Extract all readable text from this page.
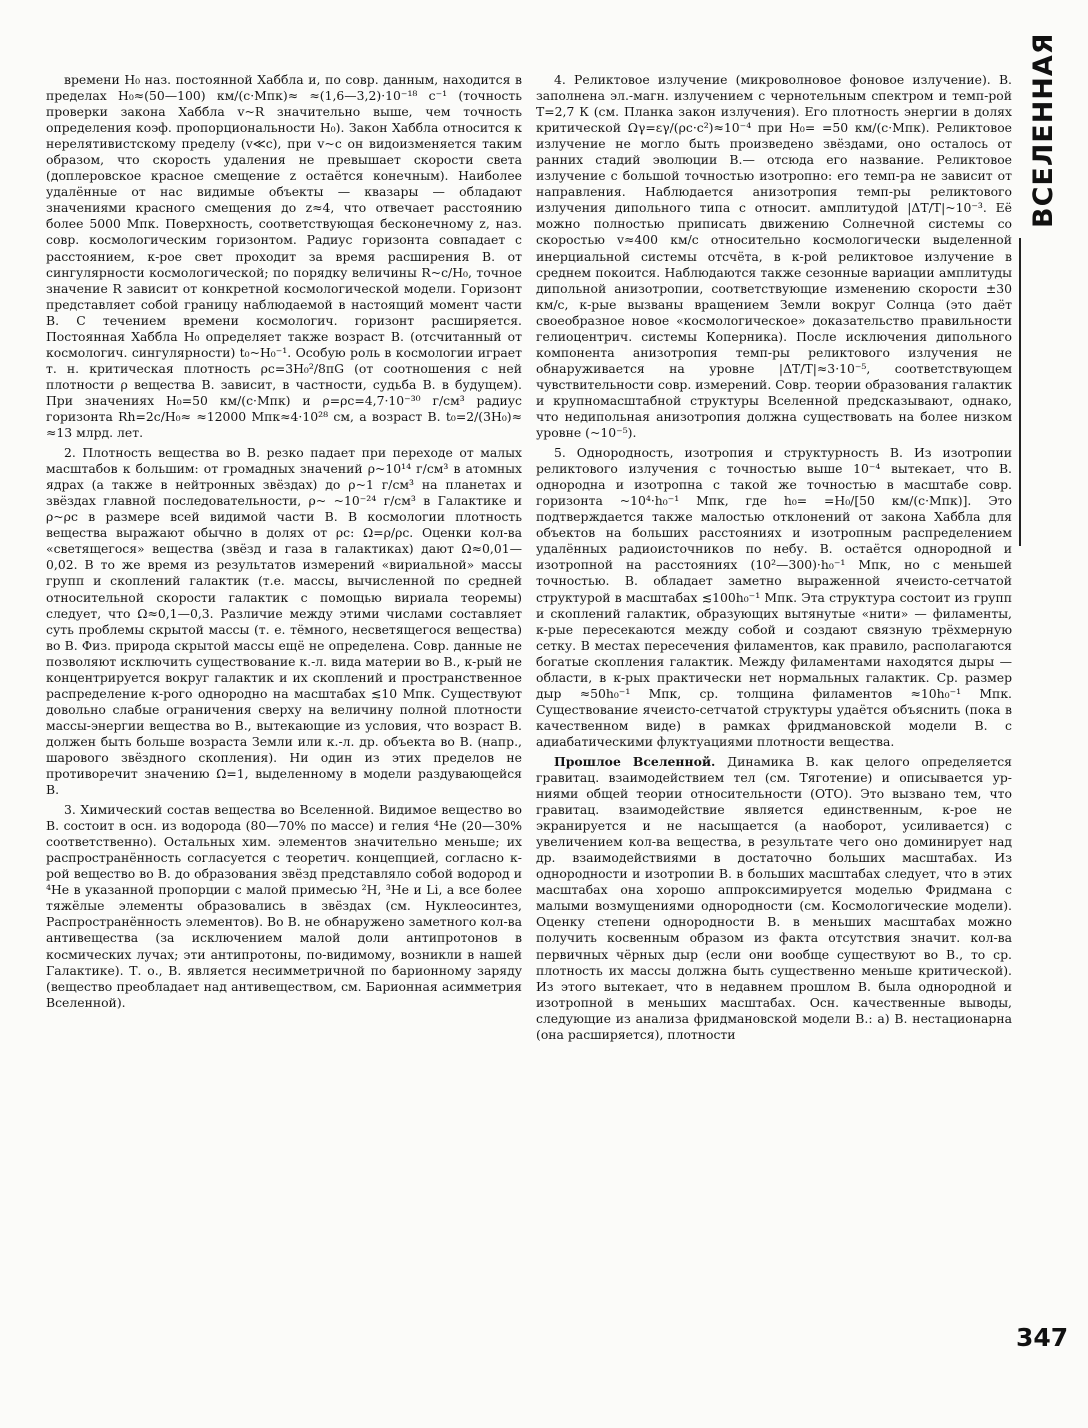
времени H₀ наз. постоянной Хаббла и, по совр. данным, находится в пределах H₀≈(50—100) км/(с·Мпк)≈ ≈(1,6—3,2)·10⁻¹⁸ с⁻¹ (точность проверки закона Хаббла v~R значительно выше, чем точность определения коэф. пропорциональности H₀). Закон Хаббла относится к нерелятивистскому пределу (v≪c), при v~c он видоизменяется таким образом, что скорость удаления не превышает скорости света (доплеровское красное смещение z остаётся конечным). Наиболее удалённые от нас видимые объекты — квазары — обладают значениями красного смещения до z≈4, что отвечает расстоянию более 5000 Мпк. Поверхность, соответствующая бесконечному z, наз. совр. космологическим горизонтом. Радиус горизонта совпадает с расстоянием, к-рое свет проходит за время расширения В. от сингулярности космологической; по порядку величины R~c/H₀, точное значение R зависит от конкретной космологической модели. Горизонт представляет собой границу наблюдаемой в настоящий момент части В. С течением времени космологич. горизонт расширяется. Постоянная Хаббла H₀ определяет также возраст В. (отсчитанный от космологич. сингулярности) t₀~H₀⁻¹. Особую роль в космологии играет т. н. критическая плотность ρc=3H₀²/8πG (от соотношения с ней плотности ρ вещества В. зависит, в частности, судьба В. в будущем). При значениях H₀=50 км/(с·Мпк) и ρ=ρc=4,7·10⁻³⁰ г/см³ радиус горизонта Rh=2c/H₀≈ ≈12000 Мпк≈4·10²⁸ см, а возраст В. t₀=2/(3H₀)≈ ≈13 млрд. лет.

2. Плотность вещества во В. резко падает при переходе от малых масштабов к большим: от громадных значений ρ~10¹⁴ г/см³ в атомных ядрах (а также в нейтронных звёздах) до ρ~1 г/см³ на планетах и звёздах главной последовательности, ρ~ ~10⁻²⁴ г/см³ в Галактике и ρ~ρc в размере всей видимой части В. В космологии плотность вещества выражают обычно в долях от ρc: Ω=ρ/ρc. Оценки кол-ва «светящегося» вещества (звёзд и газа в галактиках) дают Ω≈0,01—0,02. В то же время из результатов измерений «вириальной» массы групп и скоплений галактик (т.е. массы, вычисленной по средней относительной скорости галактик с помощью вириала теоремы) следует, что Ω≈0,1—0,3. Различие между этими числами составляет суть проблемы скрытой массы (т. е. тёмного, несветящегося вещества) во В. Физ. природа скрытой массы ещё не определена. Совр. данные не позволяют исключить существование к.-л. вида материи во В., к-рый не концентрируется вокруг галактик и их скоплений и пространственное распределение к-рого однородно на масштабах ≲10 Мпк. Существуют довольно слабые ограничения сверху на величину полной плотности массы-энергии вещества во В., вытекающие из условия, что возраст В. должен быть больше возраста Земли или к.-л. др. объекта во В. (напр., шарового звёздного скопления). Ни один из этих пределов не противоречит значению Ω=1, выделенному в модели раздувающейся В.

3. Химический состав вещества во Вселенной. Видимое вещество во В. состоит в осн. из водорода (80—70% по массе) и гелия ⁴He (20—30% соответственно). Остальных хим. элементов значительно меньше; их распространённость согласуется с теоретич. концепцией, согласно к-рой вещество во В. до образования звёзд представляло собой водород и ⁴He в указанной пропорции с малой примесью ²H, ³He и Li, а все более тяжёлые элементы образовались в звёздах (см. Нуклеосинтез, Распространённость элементов). Во В. не обнаружено заметного кол-ва антивещества (за исключением малой доли антипротонов в космических лучах; эти антипротоны, по-видимому, возникли в нашей Галактике). Т. о., В. является несимметричной по барионному заряду (вещество преобладает над антивеществом, см. Барионная асимметрия Вселенной).

4. Реликтовое излучение (микроволновое фоновое излучение). В. заполнена эл.-магн. излучением с чернотельным спектром и темп-рой T=2,7 К (см. Планка закон излучения). Его плотность энергии в долях критической Ωγ=εγ/(ρc·c²)≈10⁻⁴ при H₀= =50 км/(с·Мпк). Реликтовое излучение не могло быть произведено звёздами, оно осталось от ранних стадий эволюции В.— отсюда его название. Реликтовое излучение с большой точностью изотропно: его темп-ра не зависит от направления. Наблюдается анизотропия темп-ры реликтового излучения дипольного типа с относит. амплитудой |ΔT/T|~10⁻³. Её можно полностью приписать движению Солнечной системы со скоростью v≈400 км/с относительно космологически выделенной инерциальной системы отсчёта, в к-рой реликтовое излучение в среднем покоится. Наблюдаются также сезонные вариации амплитуды дипольной анизотропии, соответствующие изменению скорости ±30 км/с, к-рые вызваны вращением Земли вокруг Солнца (это даёт своеобразное новое «космологическое» доказательство правильности гелиоцентрич. системы Коперника). После исключения дипольного компонента анизотропия темп-ры реликтового излучения не обнаруживается на уровне |ΔT/T|≈3·10⁻⁵, соответствующем чувствительности совр. измерений. Совр. теории образования галактик и крупномасштабной структуры Вселенной предсказывают, однако, что недипольная анизотропия должна существовать на более низком уровне (~10⁻⁵).

5. Однородность, изотропия и структурность В. Из изотропии реликтового излучения с точностью выше 10⁻⁴ вытекает, что В. однородна и изотропна с такой же точностью в масштабе совр. горизонта ~10⁴·h₀⁻¹ Мпк, где h₀= =H₀/[50 км/(с·Мпк)]. Это подтверждается также малостью отклонений от закона Хаббла для объектов на больших расстояниях и изотропным распределением удалённых радиоисточников по небу. В. остаётся однородной и изотропной на расстояниях (10²—300)·h₀⁻¹ Мпк, но с меньшей точностью. В. обладает заметно выраженной ячеисто-сетчатой структурой в масштабах ≲100h₀⁻¹ Мпк. Эта структура состоит из групп и скоплений галактик, образующих вытянутые «нити» — филаменты, к-рые пересекаются между собой и создают связную трёхмерную сетку. В местах пересечения филаментов, как правило, располагаются богатые скопления галактик. Между филаментами находятся дыры — области, в к-рых практически нет нормальных галактик. Ср. размер дыр ≈50h₀⁻¹ Мпк, ср. толщина филаментов ≈10h₀⁻¹ Мпк. Существование ячеисто-сетчатой структуры удаётся объяснить (пока в качественном виде) в рамках фридмановской модели В. с адиабатическими флуктуациями плотности вещества.

Прошлое Вселенной. Динамика В. как целого определяется гравитац. взаимодействием тел (см. Тяготение) и описывается ур-ниями общей теории относительности (ОТО). Это вызвано тем, что гравитац. взаимодействие является единственным, к-рое не экранируется и не насыщается (а наоборот, усиливается) с увеличением кол-ва вещества, в результате чего оно доминирует над др. взаимодействиями в достаточно больших масштабах. Из однородности и изотропии В. в больших масштабах следует, что в этих масштабах она хорошо аппроксимируется моделью Фридмана с малыми возмущениями однородности (см. Космологические модели). Оценку степени однородности В. в меньших масштабах можно получить косвенным образом из факта отсутствия значит. кол-ва первичных чёрных дыр (если они вообще существуют во В., то ср. плотность их массы должна быть существенно меньше критической). Из этого вытекает, что в недавнем прошлом В. была однородной и изотропной в меньших масштабах. Осн. качественные выводы, следующие из анализа фридмановской модели В.: а) В. нестационарна (она расширяется), плотности

ВСЕЛЕННАЯ
347
